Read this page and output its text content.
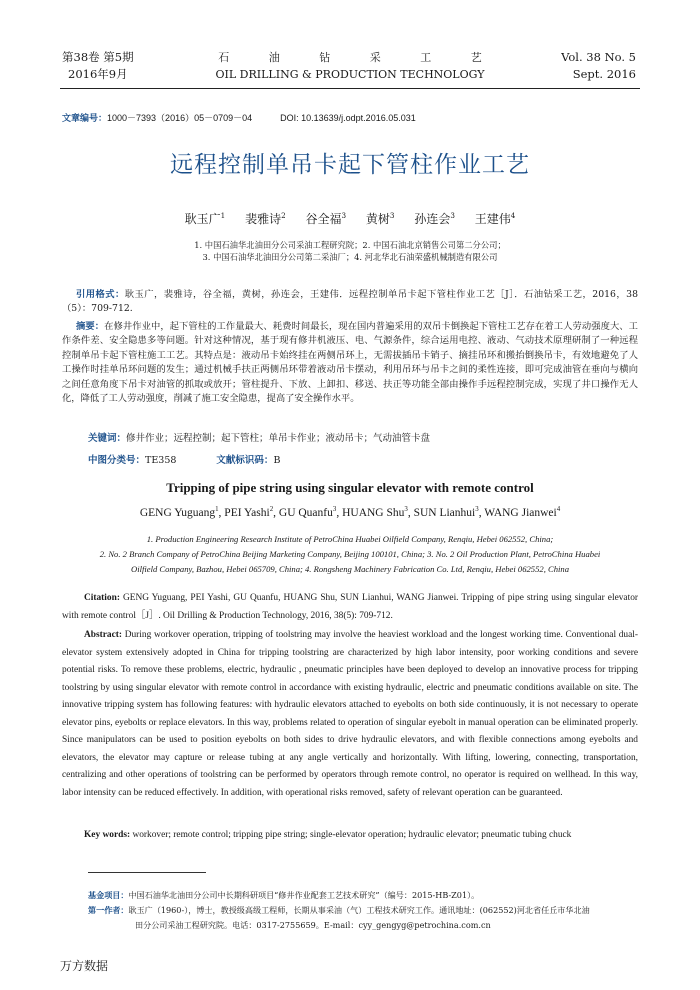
第38卷 第5期
2016年9月
石 油 钻 采 工 艺
OIL DRILLING & PRODUCTION TECHNOLOGY
Vol. 38 No. 5
Sept. 2016
文章编号：1000－7393（2016）05－0709－04	DOI: 10.13639/j.odpt.2016.05.031
远程控制单吊卡起下管柱作业工艺
耿玉广$^1$ 裴雅诗$^2$ 谷全福$^3$ 黄树$^3$ 孙连会$^3$ 王建伟$^4$
1. 中国石油华北油田分公司采油工程研究院；2. 中国石油北京销售公司第二分公司；
3. 中国石油华北油田分公司第二采油厂；4. 河北华北石油荣盛机械制造有限公司
引用格式：耿玉广，裴雅诗，谷全福，黄树，孙连会，王建伟．远程控制单吊卡起下管柱作业工艺［J］．石油钻采工艺，2016，38（5）：709-712.
摘要：在修井作业中，起下管柱的工作量最大、耗费时间最长，现在国内普遍采用的双吊卡倒换起下管柱工艺存在着工人劳动强度大、工作条件差、安全隐患多等问题。针对这种情况，基于现有修井机液压、电、气源条件，综合运用电控、液动、气动技术原理研制了一种远程控制单吊卡起下管柱施工工艺。其特点是：液动吊卡始终挂在两侧吊环上，无需拔插吊卡销子、摘挂吊环和搬抬倒换吊卡，有效地避免了人工操作时挂单吊环问题的发生；通过机械手扶正两侧吊环带着液动吊卡摆动，利用吊环与吊卡之间的柔性连接，即可完成油管在垂向与横向之间任意角度下吊卡对油管的抓取或放开；管柱提升、下放、上卸扣、移送、扶正等功能全部由操作手远程控制完成，实现了井口操作无人化，降低了工人劳动强度，削减了施工安全隐患，提高了安全操作水平。
关键词：修井作业；远程控制；起下管柱；单吊卡作业；液动吊卡；气动油管卡盘
中图分类号：TE358	文献标识码：B
Tripping of pipe string using singular elevator with remote control
GENG Yuguang$^1$, PEI Yashi$^2$, GU Quanfu$^3$, HUANG Shu$^3$, SUN Lianhui$^3$, WANG Jianwei$^4$
1. Production Engineering Research Institute of PetroChina Huabei Oilfield Company, Renqiu, Hebei 062552, China;
2. No. 2 Branch Company of PetroChina Beijing Marketing Company, Beijing 100101, China; 3. No. 2 Oil Production Plant, PetroChina Huabei
Oilfield Company, Bazhou, Hebei 065709, China; 4. Rongsheng Machinery Fabrication Co. Ltd, Renqiu, Hebei 062552, China
Citation: GENG Yuguang, PEI Yashi, GU Quanfu, HUANG Shu, SUN Lianhui, WANG Jianwei. Tripping of pipe string using singular elevator with remote control［J］. Oil Drilling & Production Technology, 2016, 38(5): 709-712.
Abstract: During workover operation, tripping of toolstring may involve the heaviest workload and the longest working time. Conventional dual-elevator system extensively adopted in China for tripping toolstring are characterized by high labor intensity, poor working conditions and severe potential risks. To remove these problems, electric, hydraulic , pneumatic principles have been deployed to develop an innovative process for tripping toolstring by using singular elevator with remote control in accordance with existing hydraulic, electric and pneumatic conditions available on site. The innovative tripping system has following features: with hydraulic elevators attached to eyebolts on both side continuously, it is not necessary to operate elevator pins, eyebolts or replace elevators. In this way, problems related to operation of singular eyebolt in manual operation can be eliminated properly. Since manipulators can be used to position eyebolts on both sides to drive hydraulic elevators, and with flexible connections among eyebolts and elevators, the elevator may capture or release tubing at any angle vertically and horizontally. With lifting, lowering, connecting, transportation, centralizing and other operations of toolstring can be performed by operators through remote control, no operator is required on wellhead. In this way, labor intensity can be reduced effectively. In addition, with operational risks removed, safety of relevant operation can be guaranteed.
Key words: workover; remote control; tripping pipe string; single-elevator operation; hydraulic elevator; pneumatic tubing chuck
基金项目：中国石油华北油田分公司中长期科研项目“修井作业配套工艺技术研究”（编号：2015-HB-Z01）。
第一作者：耿玉广（1960-），博士，教授级高级工程师，长期从事采油（气）工程技术研究工作。通讯地址：(062552)河北省任丘市华北油
田分公司采油工程研究院。电话：0317-2755659。E-mail：cyy_gengyg@petrochina.com.cn
万方数据
